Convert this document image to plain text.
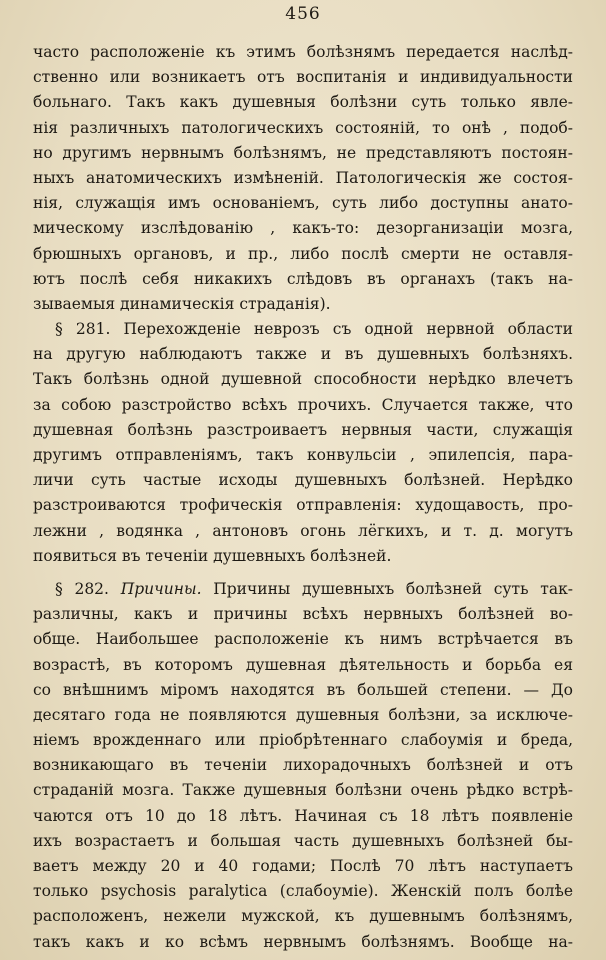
456
часто расположеніе къ этимъ болѣзнямъ передается наслѣд-
ственно или возникаетъ отъ воспитанія и индивидуальности
больнаго. Такъ какъ душевныя болѣзни суть только явле-
нія различныхъ патологическихъ состояній, то онѣ , подоб-
но другимъ нервнымъ болѣзнямъ, не представляютъ постоян-
ныхъ анатомическихъ измѣненій. Патологическія же состоя-
нія, служащія имъ основаніемъ, суть либо доступны анато-
мическому изслѣдованію , какъ-то: дезорганизаціи мозга,
брюшныхъ органовъ, и пр., либо послѣ смерти не оставля-
ютъ послѣ себя никакихъ слѣдовъ въ органахъ (такъ на-
зываемыя динамическія страданія).
§ 281. Перехожденіе неврозъ съ одной нервной области
на другую наблюдаютъ также и въ душевныхъ болѣзняхъ.
Такъ болѣзнь одной душевной способности нерѣдко влечетъ
за собою разстройство всѣхъ прочихъ. Случается также, что
душевная болѣзнь разстроиваетъ нервныя части, служащія
другимъ отправленіямъ, такъ конвульсіи , эпилепсія, пара-
личи суть частые исходы душевныхъ болѣзней. Нерѣдко
разстроиваются трофическія отправленія: худощавость, про-
лежни , водянка , антоновъ огонь лёгкихъ, и т. д. могутъ
появиться въ теченіи душевныхъ болѣзней.
§ 282. Причины. Причины душевныхъ болѣзней суть так-
различны, какъ и причины всѣхъ нервныхъ болѣзней во-
обще. Наибольшее расположеніе къ нимъ встрѣчается въ
возрастѣ, въ которомъ душевная дѣятельность и борьба ея
со внѣшнимъ міромъ находятся въ большей степени. — До
десятаго года не появляются душевныя болѣзни, за исключе-
ніемъ врожденнаго или пріобрѣтеннаго слабоумія и бреда,
возникающаго въ теченіи лихорадочныхъ болѣзней и отъ
страданій мозга. Также душевныя болѣзни очень рѣдко встрѣ-
чаются отъ 10 до 18 лѣтъ. Начиная съ 18 лѣтъ появленіе
ихъ возрастаетъ и большая часть душевныхъ болѣзней бы-
ваетъ между 20 и 40 годами; Послѣ 70 лѣтъ наступаетъ
только psychosis paralytica (слабоуміе). Женскій полъ болѣе
расположенъ, нежели мужской, къ душевнымъ болѣзнямъ,
такъ какъ и ко всѣмъ нервнымъ болѣзнямъ. Вообще на-
